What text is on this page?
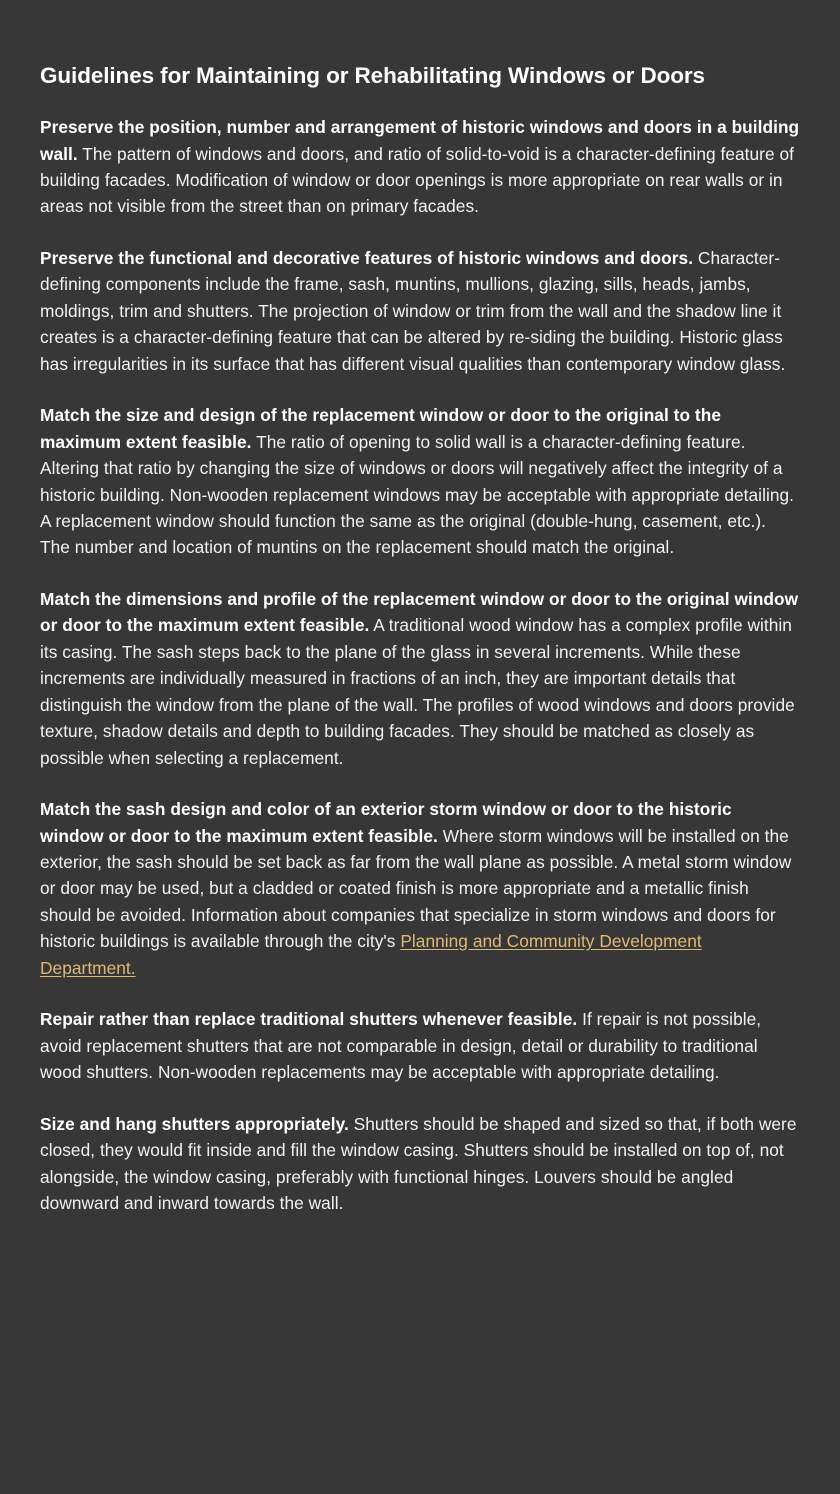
Guidelines for Maintaining or Rehabilitating Windows or Doors

Preserve the position, number and arrangement of historic windows and doors in a building wall. The pattern of windows and doors, and ratio of solid-to-void is a character-defining feature of building facades. Modification of window or door openings is more appropriate on rear walls or in areas not visible from the street than on primary facades.

Preserve the functional and decorative features of historic windows and doors. Character-defining components include the frame, sash, muntins, mullions, glazing, sills, heads, jambs, moldings, trim and shutters. The projection of window or trim from the wall and the shadow line it creates is a character-defining feature that can be altered by re-siding the building. Historic glass has irregularities in its surface that has different visual qualities than contemporary window glass.

Match the size and design of the replacement window or door to the original to the maximum extent feasible. The ratio of opening to solid wall is a character-defining feature. Altering that ratio by changing the size of windows or doors will negatively affect the integrity of a historic building. Non-wooden replacement windows may be acceptable with appropriate detailing. A replacement window should function the same as the original (double-hung, casement, etc.). The number and location of muntins on the replacement should match the original.

Match the dimensions and profile of the replacement window or door to the original window or door to the maximum extent feasible. A traditional wood window has a complex profile within its casing. The sash steps back to the plane of the glass in several increments. While these increments are individually measured in fractions of an inch, they are important details that distinguish the window from the plane of the wall. The profiles of wood windows and doors provide texture, shadow details and depth to building facades. They should be matched as closely as possible when selecting a replacement.

Match the sash design and color of an exterior storm window or door to the historic window or door to the maximum extent feasible. Where storm windows will be installed on the exterior, the sash should be set back as far from the wall plane as possible. A metal storm window or door may be used, but a cladded or coated finish is more appropriate and a metallic finish should be avoided. Information about companies that specialize in storm windows and doors for historic buildings is available through the city's Planning and Community Development Department.

Repair rather than replace traditional shutters whenever feasible. If repair is not possible, avoid replacement shutters that are not comparable in design, detail or durability to traditional wood shutters. Non-wooden replacements may be acceptable with appropriate detailing.

Size and hang shutters appropriately. Shutters should be shaped and sized so that, if both were closed, they would fit inside and fill the window casing. Shutters should be installed on top of, not alongside, the window casing, preferably with functional hinges. Louvers should be angled downward and inward towards the wall.
